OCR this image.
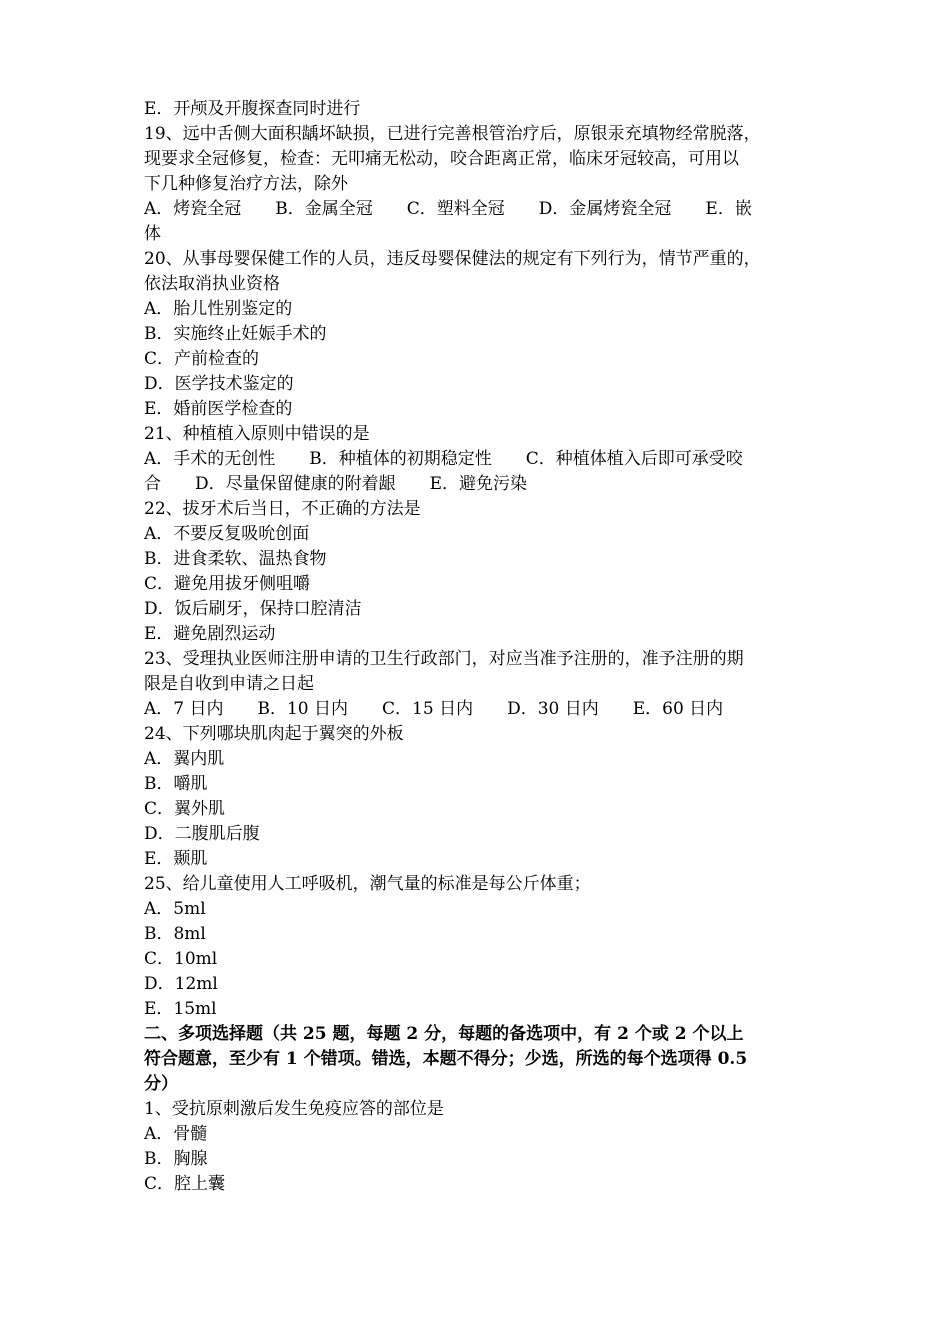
E．开颅及开腹探查同时进行
19、远中舌侧大面积龋坏缺损，已进行完善根管治疗后，原银汞充填物经常脱落，
现要求全冠修复，检查：无叩痛无松动，咬合距离正常，临床牙冠较高，可用以
下几种修复治疗方法，除外
A．烤瓷全冠　　B．金属全冠　　C．塑料全冠　　D．金属烤瓷全冠　　E．嵌
体
20、从事母婴保健工作的人员，违反母婴保健法的规定有下列行为，情节严重的，
依法取消执业资格
A．胎儿性别鉴定的
B．实施终止妊娠手术的
C．产前检查的
D．医学技术鉴定的
E．婚前医学检查的
21、种植植入原则中错误的是
A．手术的无创性　　B．种植体的初期稳定性　　C．种植体植入后即可承受咬
合　　D．尽量保留健康的附着龈　　E．避免污染
22、拔牙术后当日，不正确的方法是
A．不要反复吸吮创面
B．进食柔软、温热食物
C．避免用拔牙侧咀嚼
D．饭后刷牙，保持口腔清洁
E．避免剧烈运动
23、受理执业医师注册申请的卫生行政部门，对应当准予注册的，准予注册的期
限是自收到申请之日起
A．7 日内　　B．10 日内　　C．15 日内　　D．30 日内　　E．60 日内
24、下列哪块肌肉起于翼突的外板
A．翼内肌
B．嚼肌
C．翼外肌
D．二腹肌后腹
E．颞肌
25、给儿童使用人工呼吸机，潮气量的标准是每公斤体重；
A．5ml
B．8ml
C．10ml
D．12ml
E．15ml
二、多项选择题（共 25 题，每题 2 分，每题的备选项中，有 2 个或 2 个以上
符合题意，至少有 1 个错项。错选，本题不得分；少选，所选的每个选项得 0.5
分）
1、受抗原刺激后发生免疫应答的部位是
A．骨髓
B．胸腺
C．腔上囊
